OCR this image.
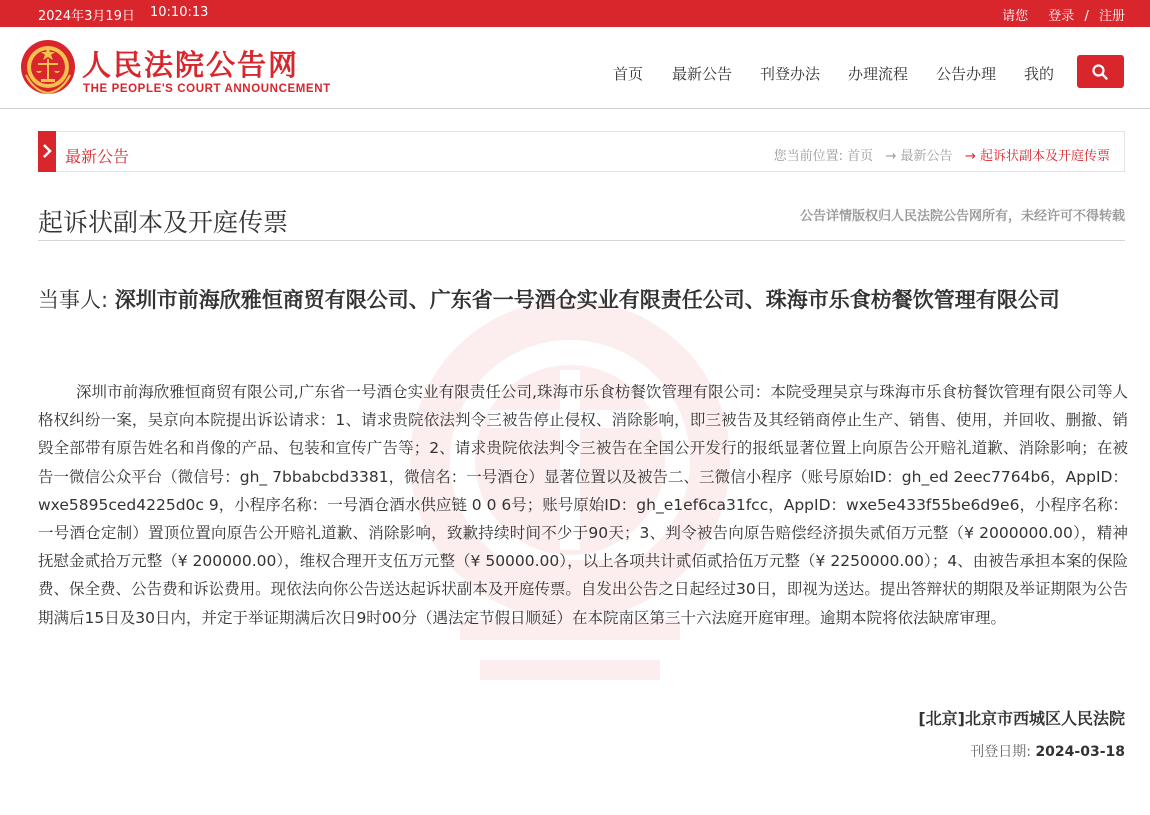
2024年3月19日 10:10:13	请您 登录 / 注册
人民法院公告网
THE PEOPLE'S COURT ANNOUNCEMENT
首页 最新公告 刊登办法 办理流程 公告办理 我的
最新公告	您当前位置: 首页 → 最新公告 → 起诉状副本及开庭传票
起诉状副本及开庭传票	公告详情版权归人民法院公告网所有，未经许可不得转载
当事人: 深圳市前海欣雅恒商贸有限公司、广东省一号酒仓实业有限责任公司、珠海市乐食枋餐饮管理有限公司
深圳市前海欣雅恒商贸有限公司,广东省一号酒仓实业有限责任公司,珠海市乐食枋餐饮管理有限公司：本院受理吴京与珠海市乐食枋餐饮管理有限公司等人格权纠纷一案，吴京向本院提出诉讼请求：1、请求贵院依法判令三被告停止侵权、消除影响，即三被告及其经销商停止生产、销售、使用，并回收、删撤、销毁全部带有原告姓名和肖像的产品、包装和宣传广告等；2、请求贵院依法判令三被告在全国公开发行的报纸显著位置上向原告公开赔礼道歉、消除影响；在被告一微信公众平台（微信号：gh_ 7bbabcbd3381，微信名：一号酒仓）显著位置以及被告二、三微信小程序（账号原始ID：gh_ed 2eec7764b6，AppID：wxe5895ced4225d0c 9，小程序名称：一号酒仓酒水供应链 0 0 6号；账号原始ID：gh_e1ef6ca31fcc，AppID：wxe5e433f55be6d9e6，小程序名称：一号酒仓定制）置顶位置向原告公开赔礼道歉、消除影响，致歉持续时间不少于90天；3、判令被告向原告赔偿经济损失贰佰万元整（¥ 2000000.00），精神抚慰金贰拾万元整（¥ 200000.00），维权合理开支伍万元整（¥ 50000.00），以上各项共计贰佰贰拾伍万元整（¥ 2250000.00）；4、由被告承担本案的保险费、保全费、公告费和诉讼费用。现依法向你公告送达起诉状副本及开庭传票。自发出公告之日起经过30日，即视为送达。提出答辩状的期限及举证期限为公告期满后15日及30日内，并定于举证期满后次日9时00分（遇法定节假日顺延）在本院南区第三十六法庭开庭审理。逾期本院将依法缺席审理。
[北京]北京市西城区人民法院
刊登日期: 2024-03-18
